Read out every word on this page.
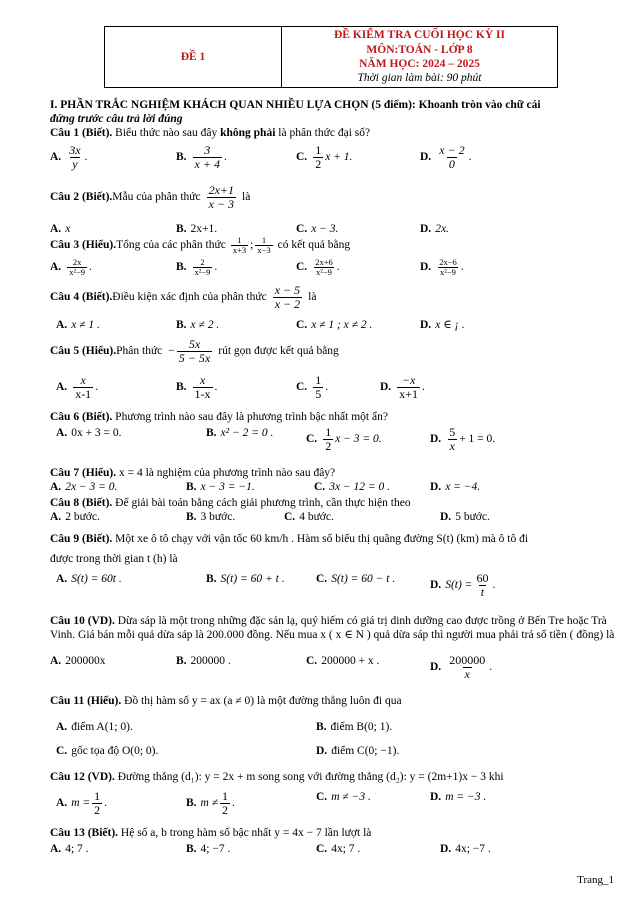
ĐỀ 1
ĐỀ KIỂM TRA CUỐI HỌC KỲ II
MÔN:TOÁN - LỚP 8
NĂM HỌC: 2024 – 2025
Thời gian làm bài: 90 phút
I. PHẦN TRẮC NGHIỆM KHÁCH QUAN NHIỀU LỰA CHỌN (5 điểm): Khoanh tròn vào chữ cái
đứng trước câu trả lời đúng
Câu 1 (Biết). Biểu thức nào sau đây không phải là phân thức đại số?
A. $\frac{3x}{y}$ .	B. $\frac{3}{x + 4}$ .	C. $\frac{1}{2}$ x + 1.	D. $\frac{x - 2}{0}$ .
Câu 2 (Biết). Mẫu của phân thức $\frac{2x+1}{x - 3}$ là
A. x	B. 2x+1.	C. x − 3.	D. 2x.
Câu 3 (Hiểu). Tổng của các phân thức $\frac{1}{x+3}$ ; $\frac{1}{x-3}$ có kết quả bằng
A. $\frac{2x}{\text{x²−9}}$ .	B. $\frac{2}{\text{x²−9}}$ .	C. $\frac{2x+6}{\text{x²−9}}$ .	D. $\frac{2x-6}{\text{x²−9}}$ .
Câu 4 (Biết). Điều kiện xác định của phân thức $\frac{x - 5}{x - 2}$ là
A. x ≠ 1 .	B. x ≠ 2 .	C. x ≠ 1 ; x ≠ 2 .	D. x ∈ ¡ .
Câu 5 (Hiểu). Phân thức − $\frac{5x}{5 - 5x}$ rút gọn được kết quả bằng
A. $\frac{x}{x-1}$ .	B. $\frac{x}{1-x}$ .	C. $\frac{1}{5}$ .	D. $\frac{-x}{x+1}$ .
Câu 6 (Biết). Phương trình nào sau đây là phương trình bậc nhất một ẩn?
A. 0x + 3 = 0.	B. x² − 2 = 0 .	C. $\frac{1}{2}$ x − 3 = 0.	D. $\frac{5}{x} + 1 = 0$.
Câu 7 (Hiểu). x = 4 là nghiệm của phương trình nào sau đây?
A. 2x − 3 = 0.	B. x − 3 = −1.	C. 3x − 12 = 0 .	D. x = −4.
Câu 8 (Biết). Để giải bài toán bằng cách giải phương trình, cần thực hiện theo
A. 2 bước.	B. 3 bước.	C. 4 bước.	D. 5 bước.
Câu 9 (Biết). Một xe ô tô chạy với vận tốc 60 km/h . Hàm số biểu thị quãng đường S(t) (km) mà ô tô đi
được trong thời gian t (h) là
A. S(t) = 60t .	B. S(t) = 60 + t .	C. S(t) = 60 − t .	D. $S(t) = \frac{60}{t}$ .
Câu 10 (VD). Dừa sáp là một trong những đặc sản lạ, quý hiếm có giá trị dinh dưỡng cao được trồng ở Bến Tre hoặc Trà Vinh. Giá bán mỗi quả dừa sáp là 200.000 đồng. Nếu mua x ( x ∈ N ) quả dừa sáp thì người mua phải trả số tiền ( đồng) là
A. 200000x	B. 200000 .	C. 200000 + x .	D. $\frac{200000}{x}$ .
Câu 11 (Hiểu). Đồ thị hàm số y = ax (a ≠ 0) là một đường thẳng luôn đi qua
A. điểm A(1; 0).	B. điểm B(0; 1).
C. gốc tọa độ O(0; 0).	D. điểm C(0; −1).
Câu 12 (VD). Đường thẳng (d₁): y = 2x + m song song với đường thẳng (d₂): y = (2m+1)x − 3 khi
A. $m = \frac{1}{2}$ .	B. $m \ne \frac{1}{2}$ .	C. m ≠ −3 .	D. m = −3 .
Câu 13 (Biết). Hệ số a, b trong hàm số bậc nhất y = 4x − 7 lần lượt là
A. 4; 7 .	B. 4; −7 .	C. 4x; 7 .	D. 4x; −7 .
Trang_1
